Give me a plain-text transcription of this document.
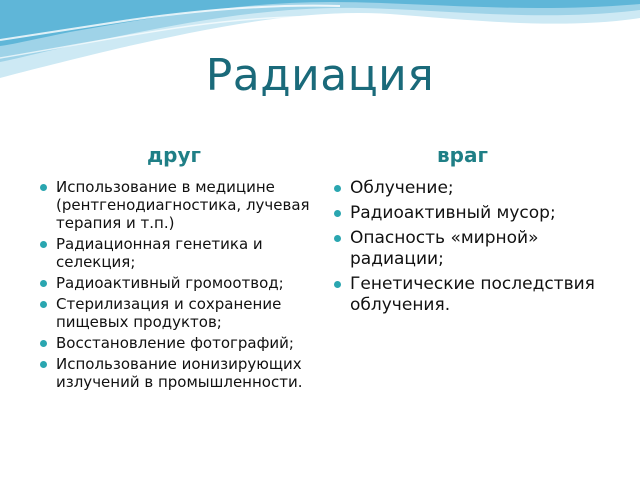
Радиация
друг	враг
Использование в медицине (рентгенодиагностика, лучевая терапия и т.п.)
Радиационная генетика и селекция;
Радиоактивный громоотвод;
Стерилизация и сохранение пищевых продуктов;
Восстановление фотографий;
Использование ионизирующих излучений в промышленности.
Облучение;
Радиоактивный мусор;
Опасность «мирной» радиации;
Генетические последствия облучения.
